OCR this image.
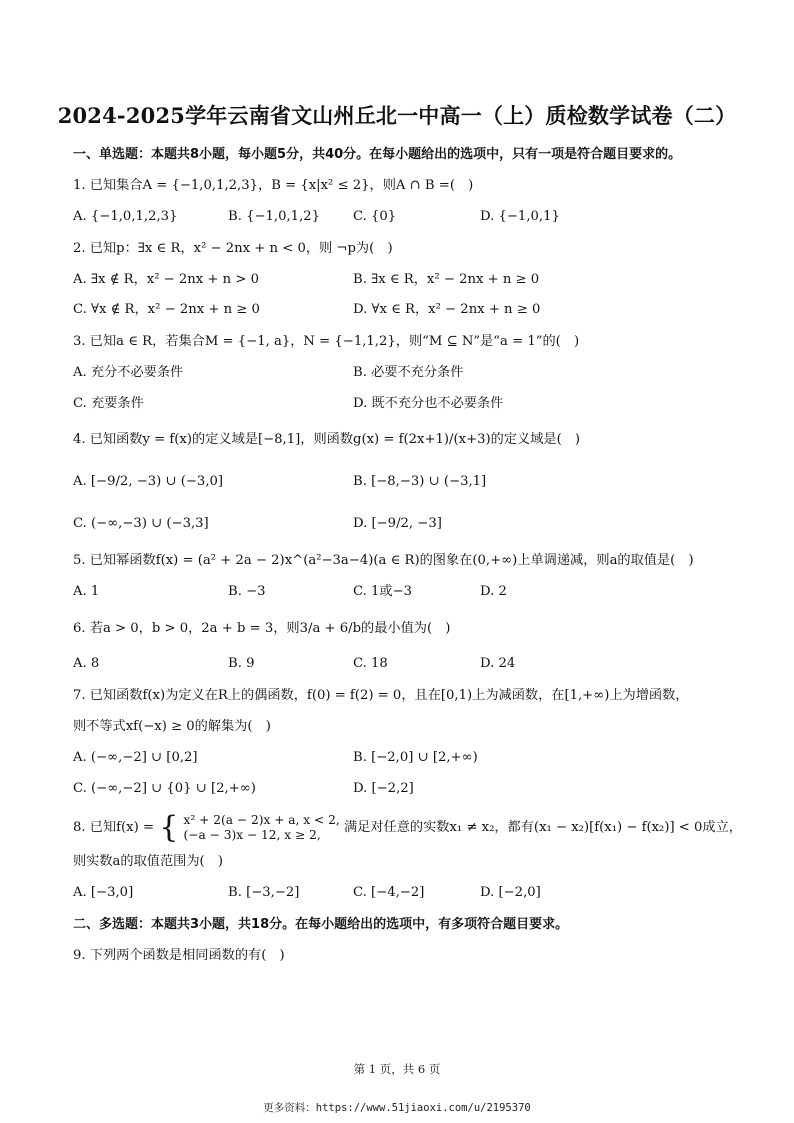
2024-2025学年云南省文山州丘北一中高一（上）质检数学试卷（二）
一、单选题：本题共8小题，每小题5分，共40分。在每小题给出的选项中，只有一项是符合题目要求的。
1. 已知集合A = {−1,0,1,2,3}，B = {x|x² ≤ 2}，则A ∩ B =(　)
A. {−1,0,1,2,3}	B. {−1,0,1,2} C. {0}	D. {−1,0,1}
2. 已知p：∃x ∈ R，x² − 2nx + n < 0，则 ¬p为(　)
A. ∃x ∉ R，x² − 2nx + n > 0	B. ∃x ∈ R，x² − 2nx + n ≥ 0
C. ∀x ∉ R，x² − 2nx + n ≥ 0	D. ∀x ∈ R，x² − 2nx + n ≥ 0
3. 已知a ∈ R，若集合M = {−1, a}，N = {−1,1,2}，则“M ⊆ N”是“a = 1”的(　)
A. 充分不必要条件	B. 必要不充分条件
C. 充要条件	D. 既不充分也不必要条件
4. 已知函数y = f(x)的定义域是[−8,1]，则函数g(x) = f(2x+1)/(x+3)的定义域是(　)
A. [−9/2, −3) ∪ (−3,0]	B. [−8,−3) ∪ (−3,1]
C. (−∞,−3) ∪ (−3,3]	D. [−9/2, −3]
5. 已知幂函数f(x) = (a² + 2a − 2)x^(a²−3a−4)(a ∈ R)的图象在(0,+∞)上单调递减，则a的取值是(　)
A. 1	B. −3	C. 1或−3	D. 2
6. 若a > 0，b > 0，2a + b = 3，则3/a + 6/b的最小值为(　)
A. 8	B. 9	C. 18	D. 24
7. 已知函数f(x)为定义在R上的偶函数，f(0) = f(2) = 0，且在[0,1)上为减函数，在[1,+∞)上为增函数，
则不等式xf(−x) ≥ 0的解集为(　)
A. (−∞,−2] ∪ [0,2]	B. [−2,0] ∪ [2,+∞)
C. (−∞,−2] ∪ {0} ∪ [2,+∞)	D. [−2,2]
8. 已知f(x) = { x² + 2(a − 2)x + a, x < 2,
(−a − 3)x − 12, x ≥ 2,	满足对任意的实数x₁ ≠ x₂，都有(x₁ − x₂)[f(x₁) − f(x₂)] < 0成立，
则实数a的取值范围为(　)
A. [−3,0]	B. [−3,−2]	C. [−4,−2]	D. [−2,0]
二、多选题：本题共3小题，共18分。在每小题给出的选项中，有多项符合题目要求。
9. 下列两个函数是相同函数的有(　)
第 1 页，共 6 页
更多资料：https://www.51jiaoxi.com/u/2195370
